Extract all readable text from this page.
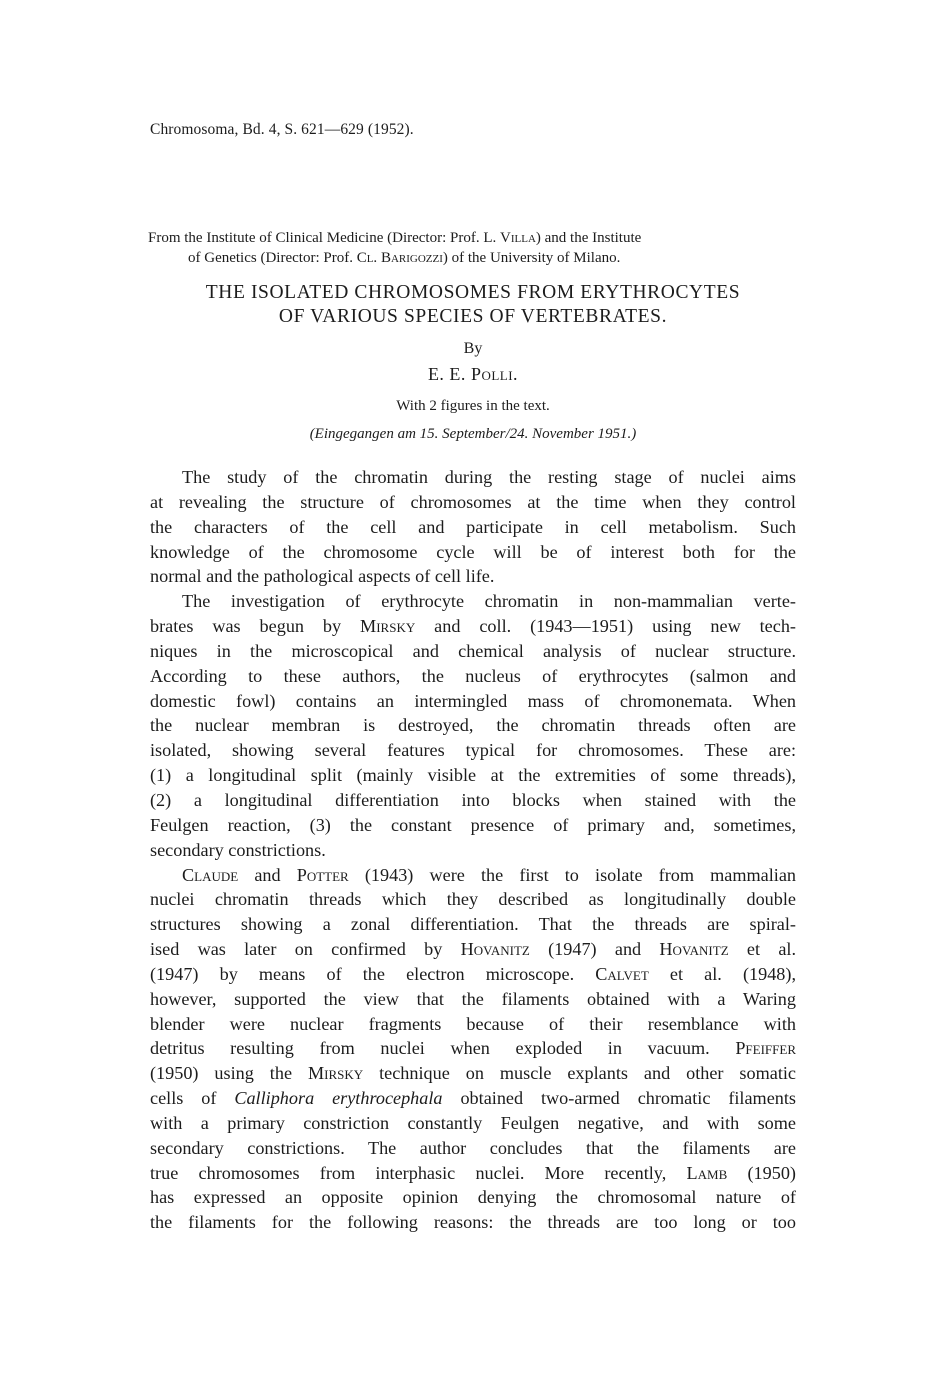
Chromosoma, Bd. 4, S. 621—629 (1952).
From the Institute of Clinical Medicine (Director: Prof. L. Villa) and the Institute
of Genetics (Director: Prof. Cl. Barigozzi) of the University of Milano.
THE ISOLATED CHROMOSOMES FROM ERYTHROCYTES
OF VARIOUS SPECIES OF VERTEBRATES.
By
E. E. Polli.
With 2 figures in the text.
(Eingegangen am 15. September/24. November 1951.)
The study of the chromatin during the resting stage of nuclei aims
at revealing the structure of chromosomes at the time when they control
the characters of the cell and participate in cell metabolism. Such
knowledge of the chromosome cycle will be of interest both for the
normal and the pathological aspects of cell life.
The investigation of erythrocyte chromatin in non-mammalian verte-
brates was begun by Mirsky and coll. (1943—1951) using new tech-
niques in the microscopical and chemical analysis of nuclear structure.
According to these authors, the nucleus of erythrocytes (salmon and
domestic fowl) contains an intermingled mass of chromonemata. When
the nuclear membran is destroyed, the chromatin threads often are
isolated, showing several features typical for chromosomes. These are:
(1) a longitudinal split (mainly visible at the extremities of some threads),
(2) a longitudinal differentiation into blocks when stained with the
Feulgen reaction, (3) the constant presence of primary and, sometimes,
secondary constrictions.
Claude and Potter (1943) were the first to isolate from mammalian
nuclei chromatin threads which they described as longitudinally double
structures showing a zonal differentiation. That the threads are spiral-
ised was later on confirmed by Hovanitz (1947) and Hovanitz et al.
(1947) by means of the electron microscope. Calvet et al. (1948),
however, supported the view that the filaments obtained with a Waring
blender were nuclear fragments because of their resemblance with
detritus resulting from nuclei when exploded in vacuum. Pfeiffer
(1950) using the Mirsky technique on muscle explants and other somatic
cells of Calliphora erythrocephala obtained two-armed chromatic filaments
with a primary constriction constantly Feulgen negative, and with some
secondary constrictions. The author concludes that the filaments are
true chromosomes from interphasic nuclei. More recently, Lamb (1950)
has expressed an opposite opinion denying the chromosomal nature of
the filaments for the following reasons: the threads are too long or too
